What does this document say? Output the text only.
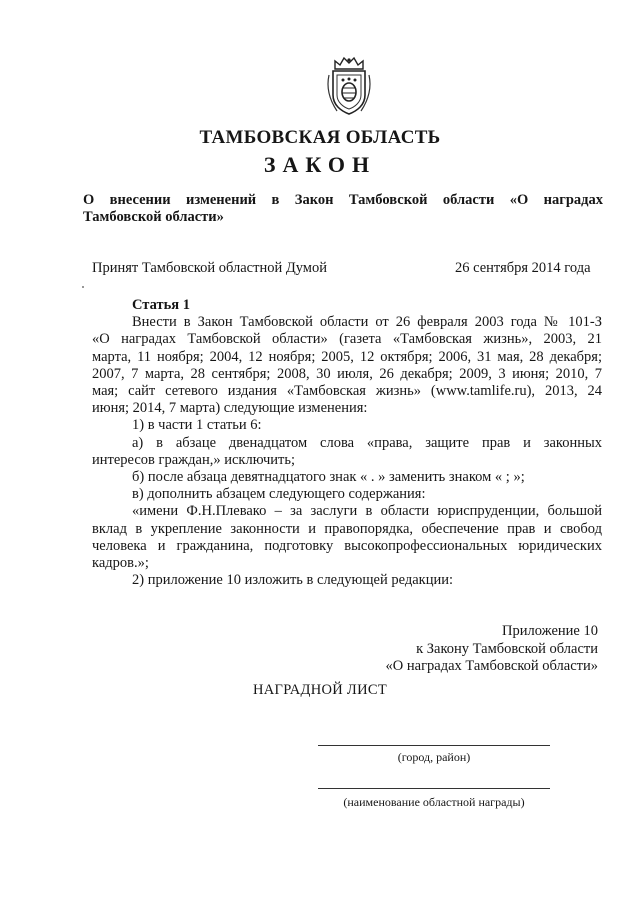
ТАМБОВСКАЯ ОБЛАСТЬ
ЗАКОН
О внесении изменений в Закон Тамбовской области «О наградах
Тамбовской области»
Принят Тамбовской областной Думой	26 сентября 2014 года
Статья 1
Внести в Закон Тамбовской области от 26 февраля 2003 года № 101-З
«О наградах Тамбовской области» (газета «Тамбовская жизнь», 2003, 21
марта, 11 ноября; 2004, 12 ноября; 2005, 12 октября; 2006, 31 мая, 28 декабря;
2007, 7 марта, 28 сентября; 2008, 30 июля, 26 декабря; 2009, 3 июня; 2010, 7
мая; сайт сетевого издания «Тамбовская жизнь» (www.tamlife.ru), 2013, 24
июня; 2014, 7 марта) следующие изменения:
1) в части 1 статьи 6:
а) в абзаце двенадцатом слова «права, защите прав и законных
интересов граждан,» исключить;
б) после абзаца девятнадцатого знак « . » заменить знаком « ; »;
в) дополнить абзацем следующего содержания:
«имени Ф.Н.Плевако – за заслуги в области юриспруденции, большой
вклад в укрепление законности и правопорядка, обеспечение прав и свобод
человека и гражданина, подготовку высокопрофессиональных юридических
кадров.»;
2) приложение 10 изложить в следующей редакции:
Приложение 10
к Закону Тамбовской области
«О наградах Тамбовской области»
НАГРАДНОЙ ЛИСТ
(город, район)
(наименование областной награды)
